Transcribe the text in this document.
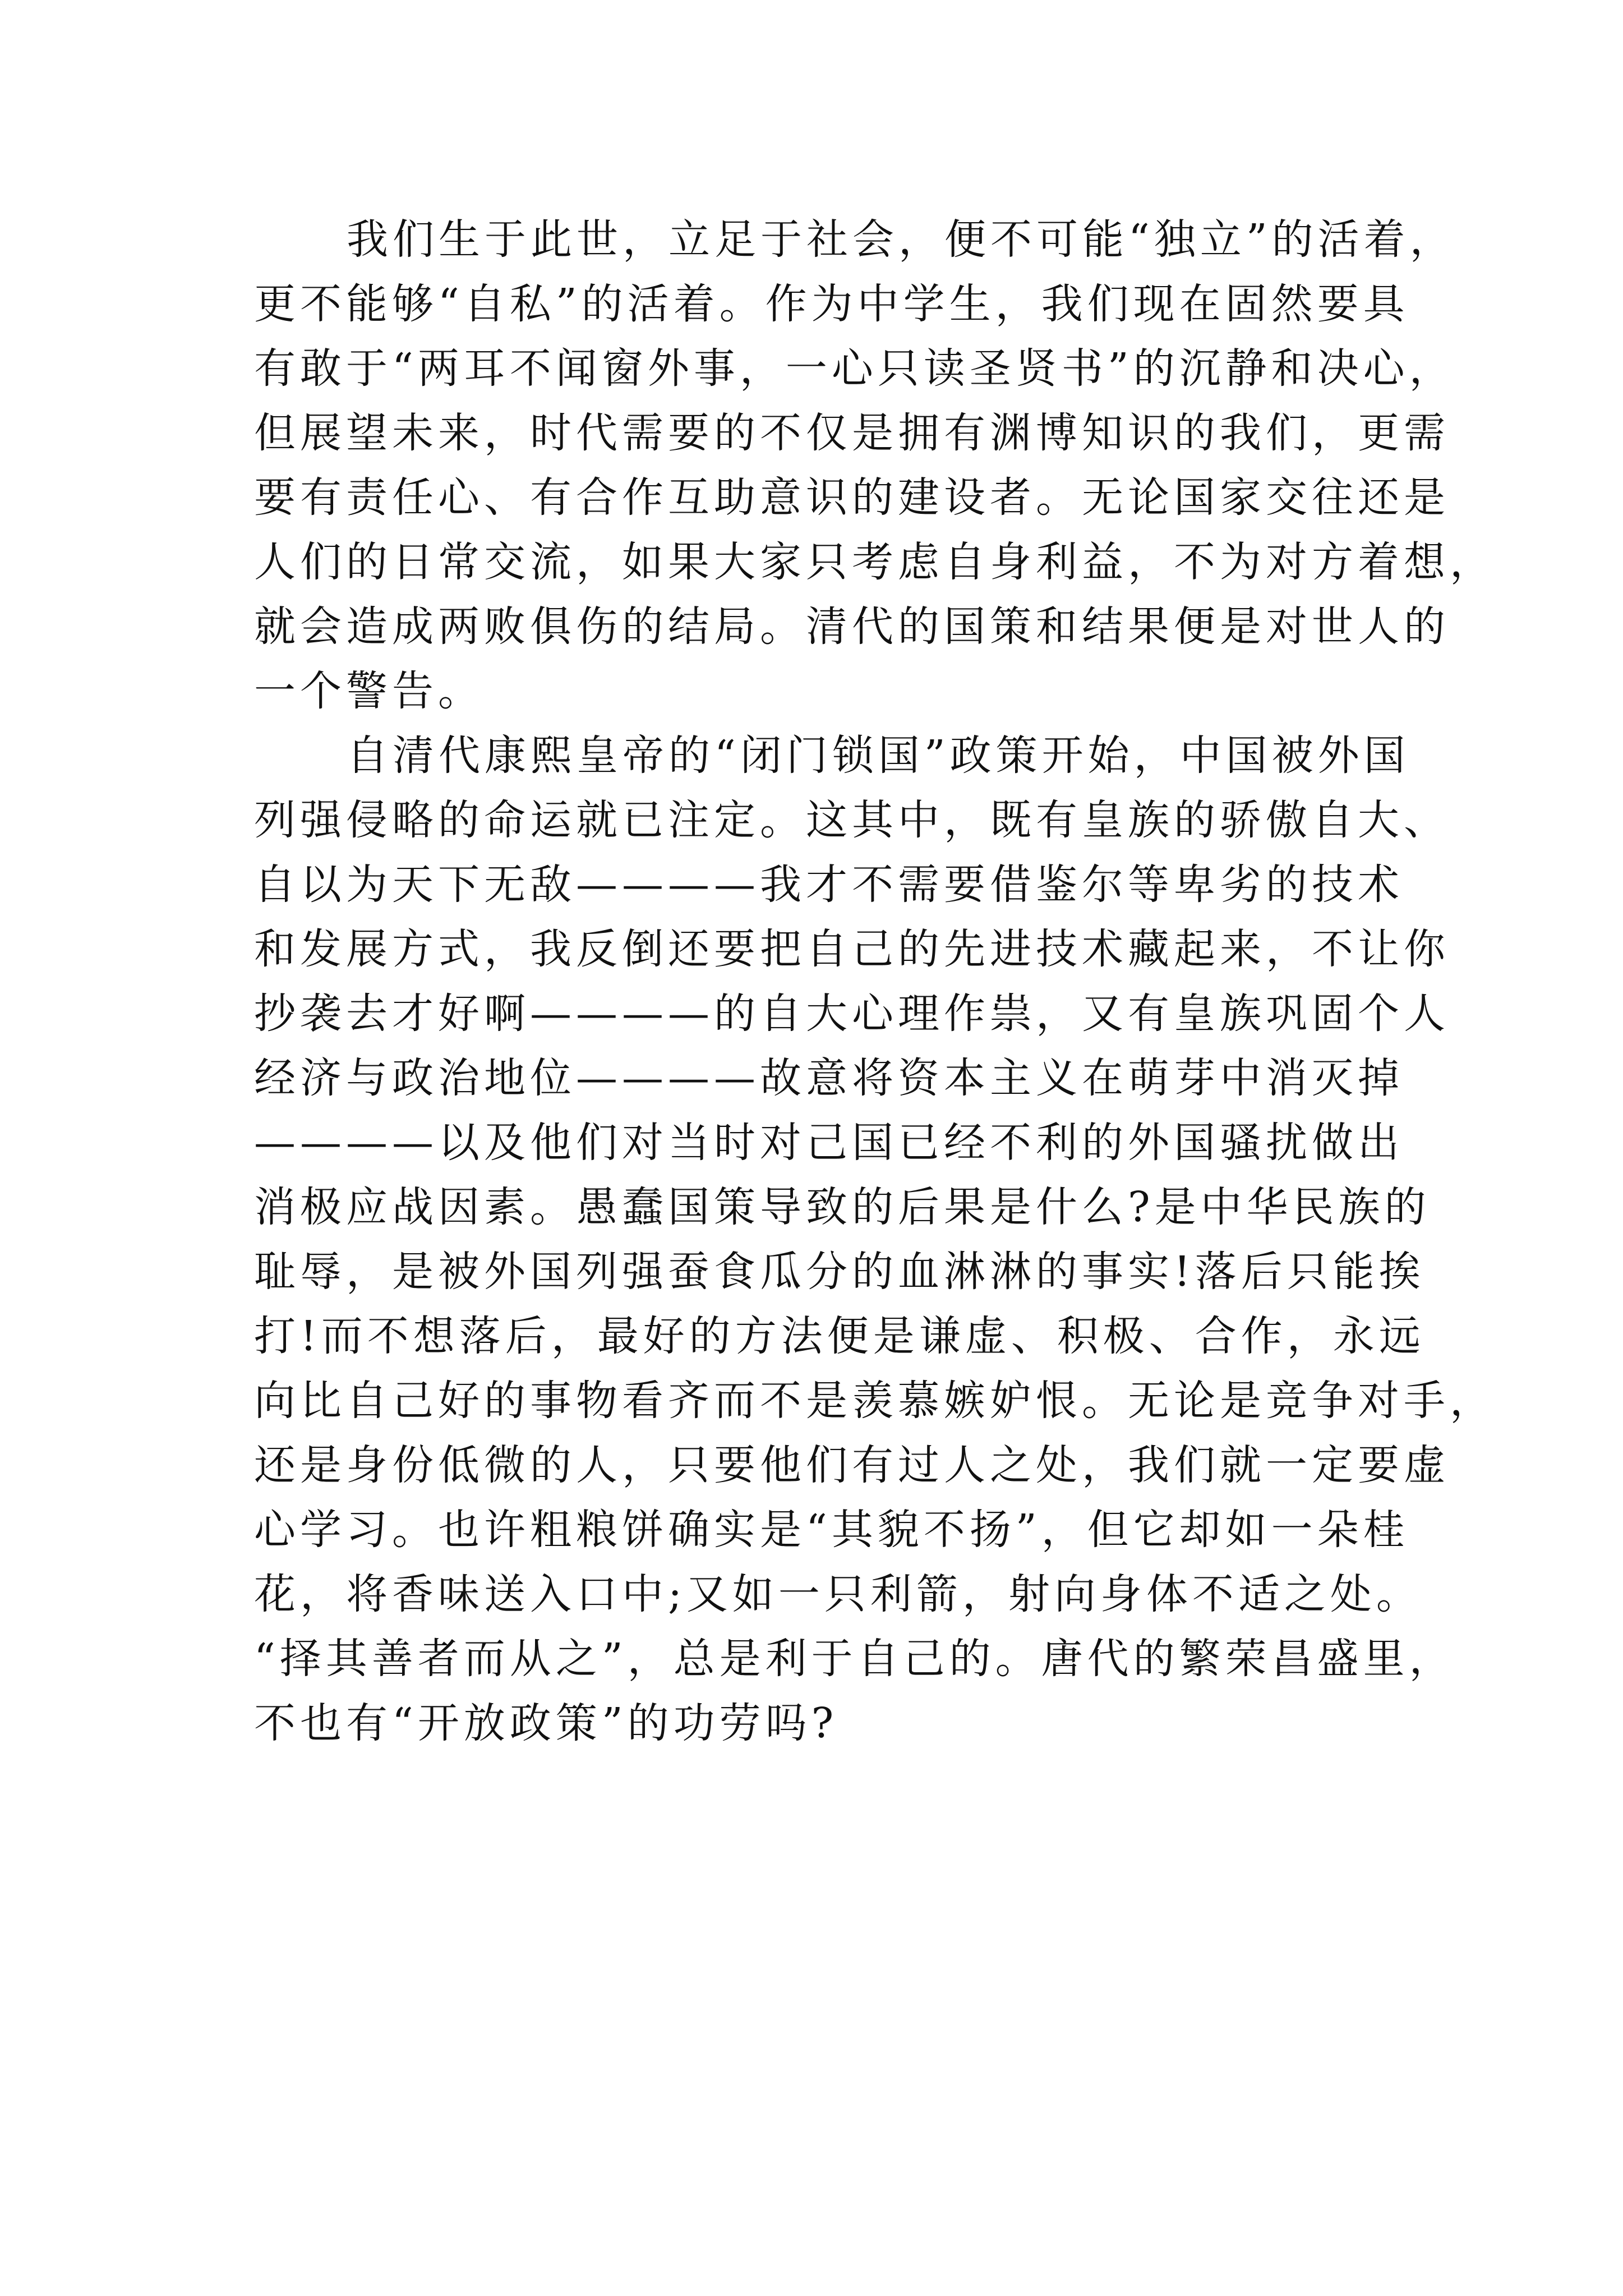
我们生于此世，立足于社会，便不可能“独立”的活着，
更不能够“自私”的活着。作为中学生，我们现在固然要具
有敢于“两耳不闻窗外事，一心只读圣贤书”的沉静和决心，
但展望未来，时代需要的不仅是拥有渊博知识的我们，更需
要有责任心、有合作互助意识的建设者。无论国家交往还是
人们的日常交流，如果大家只考虑自身利益，不为对方着想，
就会造成两败俱伤的结局。清代的国策和结果便是对世人的
一个警告。
自清代康熙皇帝的“闭门锁国”政策开始，中国被外国
列强侵略的命运就已注定。这其中，既有皇族的骄傲自大、
自以为天下无敌————我才不需要借鉴尔等卑劣的技术
和发展方式，我反倒还要把自己的先进技术藏起来，不让你
抄袭去才好啊————的自大心理作祟，又有皇族巩固个人
经济与政治地位————故意将资本主义在萌芽中消灭掉
————以及他们对当时对己国已经不利的外国骚扰做出
消极应战因素。愚蠢国策导致的后果是什么?是中华民族的
耻辱，是被外国列强蚕食瓜分的血淋淋的事实!落后只能挨
打!而不想落后，最好的方法便是谦虚、积极、合作，永远
向比自己好的事物看齐而不是羡慕嫉妒恨。无论是竞争对手，
还是身份低微的人，只要他们有过人之处，我们就一定要虚
心学习。也许粗粮饼确实是“其貌不扬”，但它却如一朵桂
花，将香味送入口中;又如一只利箭，射向身体不适之处。
“择其善者而从之”，总是利于自己的。唐代的繁荣昌盛里，
不也有“开放政策”的功劳吗?
